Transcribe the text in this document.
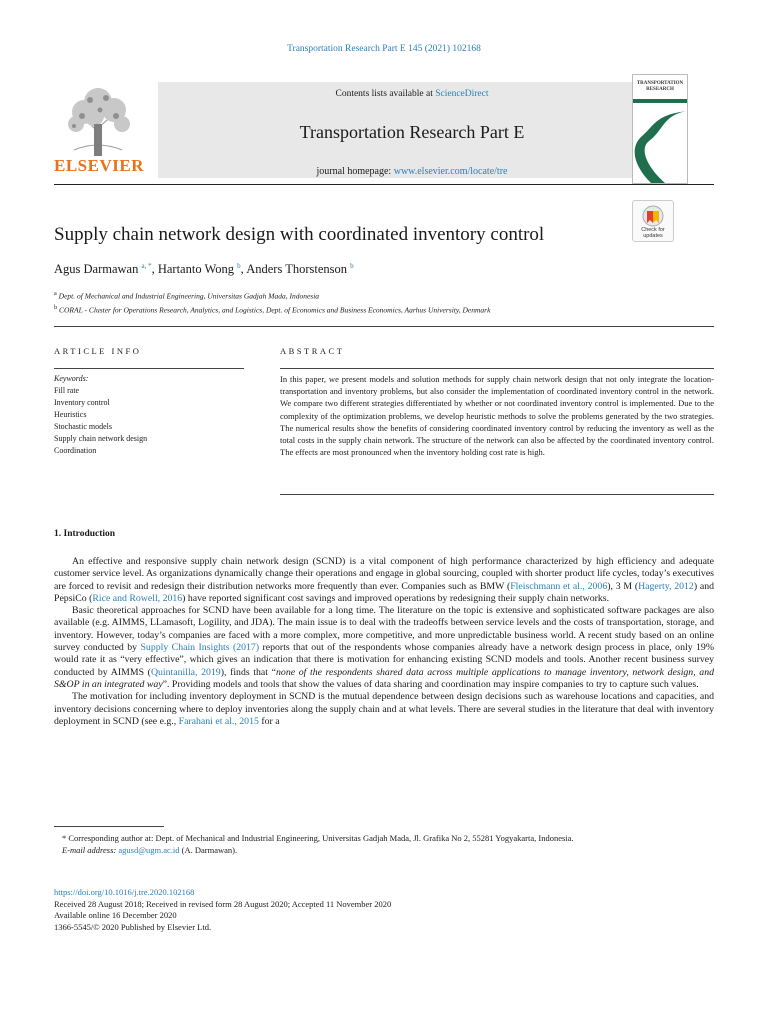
Transportation Research Part E 145 (2021) 102168
ELSEVIER
Contents lists available at ScienceDirect
Transportation Research Part E
journal homepage: www.elsevier.com/locate/tre
TRANSPORTATION RESEARCH
Check for updates
Supply chain network design with coordinated inventory control
Agus Darmawan $^{a, *}$, Hartanto Wong $^b$, Anders Thorstenson $^b$
$^a$ Dept. of Mechanical and Industrial Engineering, Universitas Gadjah Mada, Indonesia
$^b$ CORAL - Cluster for Operations Research, Analytics, and Logistics, Dept. of Economics and Business Economics, Aarhus University, Denmark
ARTICLE INFO	ABSTRACT
Keywords:
Fill rate
Inventory control
Heuristics
Stochastic models
Supply chain network design
Coordination
In this paper, we present models and solution methods for supply chain network design that not only integrate the location-transportation and inventory problems, but also consider the implementation of coordinated inventory control in the network. We compare two different strategies differentiated by whether or not coordinated inventory control is implemented. Due to the complexity of the optimization problems, we develop heuristic methods to solve the problems generated by the two strategies. The numerical results show the benefits of considering coordinated inventory control by reducing the inventory as well as the total costs in the supply chain network. The structure of the network can also be affected by the coordinated inventory control. The effects are most pronounced when the inventory holding cost rate is high.
1. Introduction

An effective and responsive supply chain network design (SCND) is a vital component of high performance characterized by high efficiency and adequate customer service level. As organizations dynamically change their operations and engage in global sourcing, coupled with shorter product life cycles, today’s executives are forced to revisit and redesign their distribution networks more frequently than ever. Companies such as BMW (Fleischmann et al., 2006), 3 M (Hagerty, 2012) and PepsiCo (Rice and Rowell, 2016) have reported significant cost savings and improved operations by redesigning their supply chain networks.

Basic theoretical approaches for SCND have been available for a long time. The literature on the topic is extensive and sophisticated software packages are also available (e.g. AIMMS, LLamasoft, Logility, and JDA). The main issue is to deal with the tradeoffs between service levels and the costs of transportation, storage, and inventory. However, today’s companies are faced with a more complex, more competitive, and more unpredictable business world. A recent study based on an online survey conducted by Supply Chain Insights (2017) reports that out of the respondents whose companies already have a network design process in place, only 19% would rate it as “very effective”, which gives an indication that there is motivation for enhancing existing SCND models and tools. Another recent business survey conducted by AIMMS (Quintanilla, 2019), finds that “none of the respondents shared data across multiple applications to manage inventory, network design, and S&OP in an integrated way”. Providing models and tools that show the values of data sharing and coordination may inspire companies to try to capture such values.

The motivation for including inventory deployment in SCND is the mutual dependence between design decisions such as warehouse locations and capacities, and inventory decisions concerning where to deploy inventories along the supply chain and at what levels. There are several studies in the literature that deal with inventory deployment in SCND (see e.g., Farahani et al., 2015 for a

* Corresponding author at: Dept. of Mechanical and Industrial Engineering, Universitas Gadjah Mada, Jl. Grafika No 2, 55281 Yogyakarta, Indonesia.

E-mail address: agusd@ugm.ac.id (A. Darmawan).

https://doi.org/10.1016/j.tre.2020.102168
Received 28 August 2018; Received in revised form 28 August 2020; Accepted 11 November 2020
Available online 16 December 2020
1366-5545/© 2020 Published by Elsevier Ltd.
